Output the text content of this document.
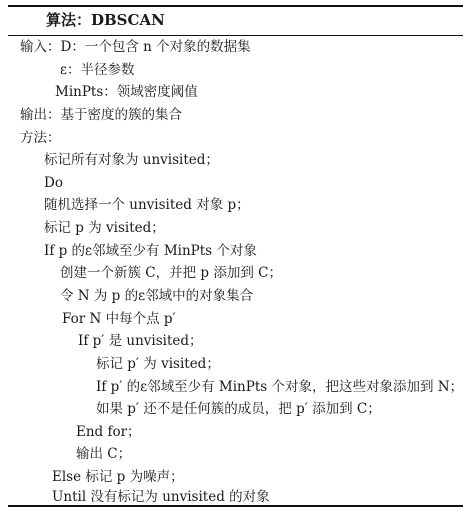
算法：DBSCAN
输入：D：一个包含 n 个对象的数据集
ε：半径参数
MinPts：领域密度阈值
输出：基于密度的簇的集合
方法：
标记所有对象为 unvisited；
Do
随机选择一个 unvisited 对象 p；
标记 p 为 visited；
If p 的ε邻域至少有 MinPts 个对象
创建一个新簇 C，并把 p 添加到 C；
令 N 为 p 的ε邻域中的对象集合
For N 中每个点 p′
If p′ 是 unvisited；
标记 p′ 为 visited；
If p′ 的ε邻域至少有 MinPts 个对象，把这些对象添加到 N；
如果 p′ 还不是任何簇的成员，把 p′ 添加到 C；
End for；
输出 C；
Else 标记 p 为噪声；
Until 没有标记为 unvisited 的对象
